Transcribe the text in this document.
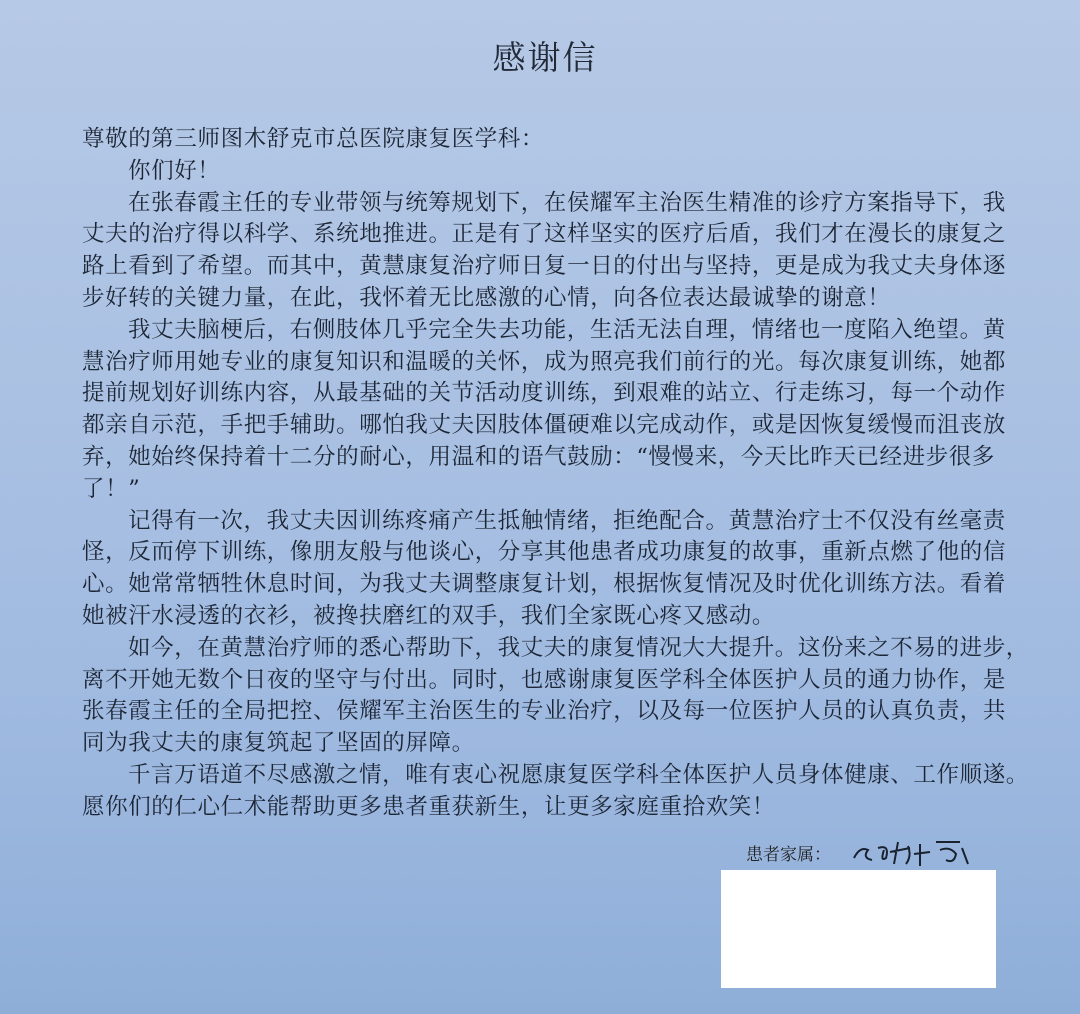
感谢信
尊敬的第三师图木舒克市总医院康复医学科：
你们好！
在张春霞主任的专业带领与统筹规划下，在侯耀军主治医生精准的诊疗方案指导下，我
丈夫的治疗得以科学、系统地推进。正是有了这样坚实的医疗后盾，我们才在漫长的康复之
路上看到了希望。而其中，黄慧康复治疗师日复一日的付出与坚持，更是成为我丈夫身体逐
步好转的关键力量，在此，我怀着无比感激的心情，向各位表达最诚挚的谢意！
我丈夫脑梗后，右侧肢体几乎完全失去功能，生活无法自理，情绪也一度陷入绝望。黄
慧治疗师用她专业的康复知识和温暖的关怀，成为照亮我们前行的光。每次康复训练，她都
提前规划好训练内容，从最基础的关节活动度训练，到艰难的站立、行走练习，每一个动作
都亲自示范，手把手辅助。哪怕我丈夫因肢体僵硬难以完成动作，或是因恢复缓慢而沮丧放
弃，她始终保持着十二分的耐心，用温和的语气鼓励：“慢慢来，今天比昨天已经进步很多
了！”
记得有一次，我丈夫因训练疼痛产生抵触情绪，拒绝配合。黄慧治疗士不仅没有丝毫责
怪，反而停下训练，像朋友般与他谈心，分享其他患者成功康复的故事，重新点燃了他的信
心。她常常牺牲休息时间，为我丈夫调整康复计划，根据恢复情况及时优化训练方法。看着
她被汗水浸透的衣衫，被搀扶磨红的双手，我们全家既心疼又感动。
如今，在黄慧治疗师的悉心帮助下，我丈夫的康复情况大大提升。这份来之不易的进步，
离不开她无数个日夜的坚守与付出。同时，也感谢康复医学科全体医护人员的通力协作，是
张春霞主任的全局把控、侯耀军主治医生的专业治疗，以及每一位医护人员的认真负责，共
同为我丈夫的康复筑起了坚固的屏障。
千言万语道不尽感激之情，唯有衷心祝愿康复医学科全体医护人员身体健康、工作顺遂。
愿你们的仁心仁术能帮助更多患者重获新生，让更多家庭重拾欢笑！
患者家属：
